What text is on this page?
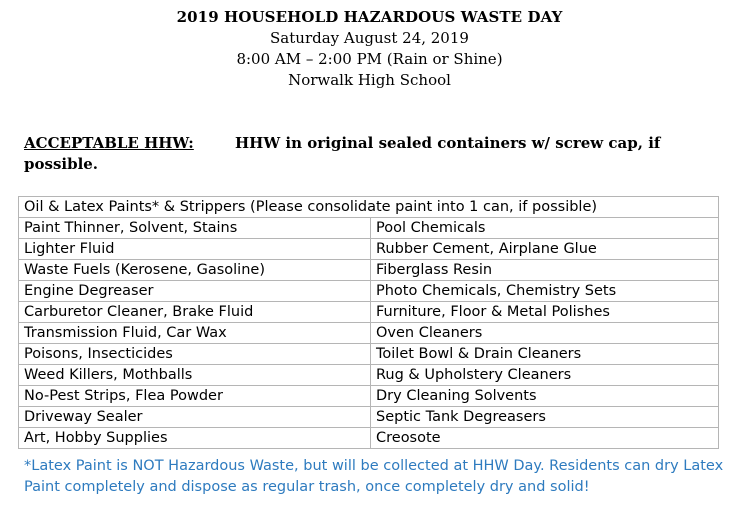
2019 HOUSEHOLD HAZARDOUS WASTE DAY
Saturday August 24, 2019
8:00 AM – 2:00 PM (Rain or Shine)
Norwalk High School
ACCEPTABLE HHW:	HHW in original sealed containers w/ screw cap, if possible.
Oil & Latex Paints* & Strippers (Please consolidate paint into 1 can, if possible)	
Paint Thinner, Solvent, Stains	Pool Chemicals
Lighter Fluid	Rubber Cement, Airplane Glue
Waste Fuels (Kerosene, Gasoline)	Fiberglass Resin
Engine Degreaser	Photo Chemicals, Chemistry Sets
Carburetor Cleaner, Brake Fluid	Furniture, Floor & Metal Polishes
Transmission Fluid, Car Wax	Oven Cleaners
Poisons, Insecticides	Toilet Bowl & Drain Cleaners
Weed Killers, Mothballs	Rug & Upholstery Cleaners
No-Pest Strips, Flea Powder	Dry Cleaning Solvents
Driveway Sealer	Septic Tank Degreasers
Art, Hobby Supplies	Creosote
*Latex Paint is NOT Hazardous Waste, but will be collected at HHW Day. Residents can dry Latex Paint completely and dispose as regular trash, once completely dry and solid!
